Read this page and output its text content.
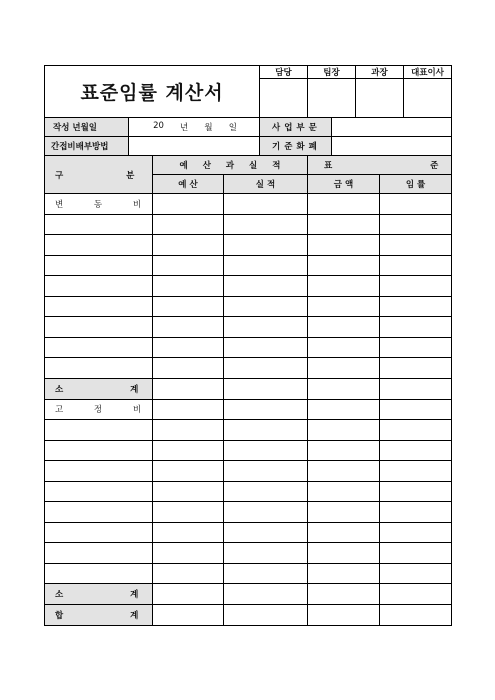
표준임률 계산서	담당	팀장	과장	대표이사

작성 년월일	20 년 월 일	사업부문	

간접비배부방법		기준화폐	

구 분	예 산 과 실 적		표 준	

	예 산	실 적	금 액	임 률

변 동 비				

소 계				

고 정 비				

소 계				

합 계				
